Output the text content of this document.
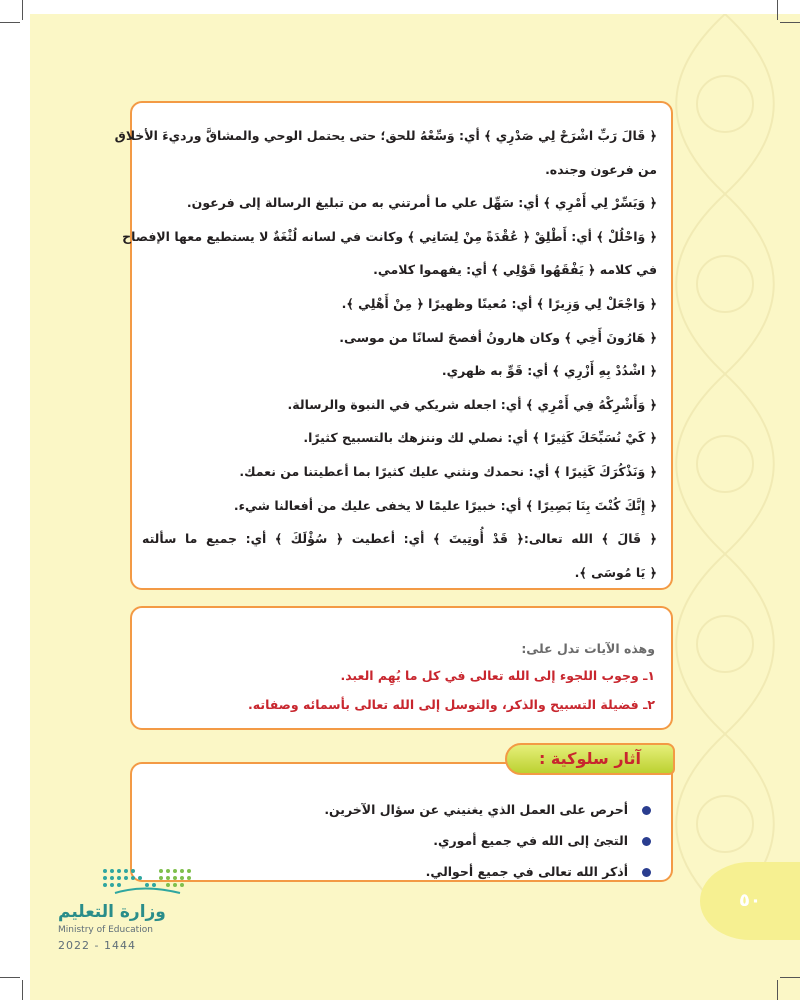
﴿ قَالَ رَبِّ اشْرَحْ لِي صَدْرِي ﴾ أي: وَسِّعْهُ للحق؛ حتى يحتمل الوحي والمشاقَّ ورديءَ الأخلاق
من فرعون وجنده.
﴿ وَيَسِّرْ لِي أَمْرِي ﴾ أي: سَهِّل علي ما أمرتني به من تبليغ الرسالة إلى فرعون.
﴿ وَاحْلُلْ ﴾ أي: أَطْلِقْ ﴿ عُقْدَةً مِنْ لِسَانِي ﴾ وكانت في لسانه لُثْغَةٌ لا يستطيع معها الإفصاح
في كلامه ﴿ يَفْقَهُوا قَوْلِي ﴾ أي: يفهموا كلامي.
﴿ وَاجْعَلْ لِي وَزِيرًا ﴾ أي: مُعينًا وظهيرًا ﴿ مِنْ أَهْلِي ﴾.
﴿ هَارُونَ أَخِي ﴾ وكان هارونُ أفصحَ لسانًا من موسى.
﴿ اشْدُدْ بِهِ أَزْرِي ﴾ أي: قَوِّ به ظهري.
﴿ وَأَشْرِكْهُ فِي أَمْرِي ﴾ أي: اجعله شريكي في النبوة والرسالة.
﴿ كَيْ نُسَبِّحَكَ كَثِيرًا ﴾ أي: نصلي لك وننزهك بالتسبيح كثيرًا.
﴿ وَنَذْكُرَكَ كَثِيرًا ﴾ أي: نحمدك ونثني عليك كثيرًا بما أعطيتنا من نعمك.
﴿ إِنَّكَ كُنْتَ بِنَا بَصِيرًا ﴾ أي: خبيرًا عليمًا لا يخفى عليك من أفعالنا شيء.
﴿ قَالَ ﴾ الله تعالى:﴿ قَدْ أُوتِيتَ ﴾ أي: أعطيت ﴿ سُؤْلَكَ ﴾ أي: جميع ما سألته
﴿ يَا مُوسَى ﴾.
وهذه الآيات تدل على:
١ـ وجوب اللجوء إلى الله تعالى في كل ما يُهِم العبد.
٢ـ فضيلة التسبيح والذكر، والتوسل إلى الله تعالى بأسمائه وصفاته.
أحرص على العمل الذي يغنيني عن سؤال الآخرين.
التجئ إلى الله في جميع أموري.
أذكر الله تعالى في جميع أحوالي.
آثار سلوكية :
٥٠
وزارة التعليم
Ministry of Education
2022 - 1444
